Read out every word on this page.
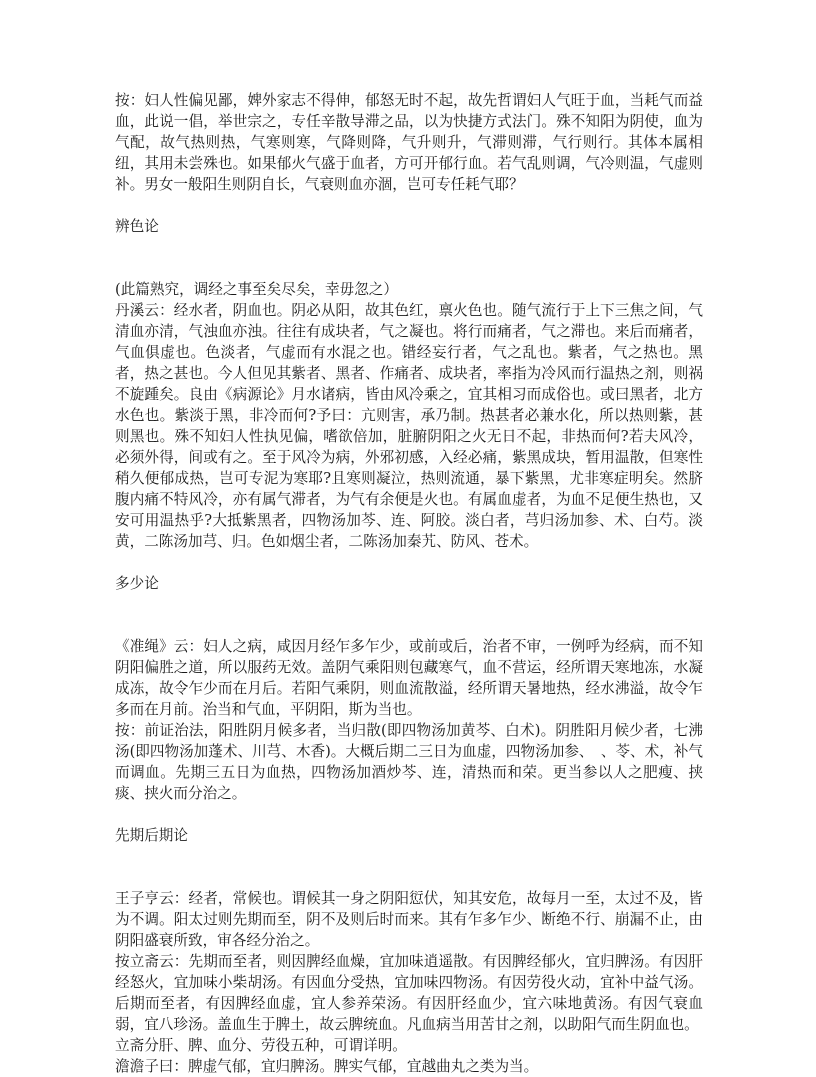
按：妇人性偏见鄙，婢外家志不得伸，郁怒无时不起，故先哲谓妇人气旺于血，当耗气而益血，此说一倡，举世宗之，专任辛散导滞之品，以为快捷方式法门。殊不知阳为阴使，血为气配，故气热则热，气寒则寒，气降则降，气升则升，气滞则滞，气行则行。其体本属相纽，其用未尝殊也。如果郁火气盛于血者，方可开郁行血。若气乱则调，气冷则温，气虚则补。男女一般阳生则阴自长，气衰则血亦涸，岂可专任耗气耶？

辨色论

(此篇熟究，调经之事至矣尽矣，幸毋忽之）

丹溪云：经水者，阴血也。阴必从阳，故其色红，禀火色也。随气流行于上下三焦之间，气清血亦清，气浊血亦浊。往往有成块者，气之凝也。将行而痛者，气之滞也。来后而痛者，气血俱虚也。色淡者，气虚而有水混之也。错经妄行者，气之乱也。紫者，气之热也。黑者，热之甚也。今人但见其紫者、黑者、作痛者、成块者，率指为冷风而行温热之剂，则祸不旋踵矣。良由《病源论》月水诸病，皆由风冷乘之，宜其相习而成俗也。或曰黑者，北方水色也。紫淡于黑，非冷而何?予曰：亢则害，承乃制。热甚者必兼水化，所以热则紫，甚则黑也。殊不知妇人性执见偏，嗜欲倍加，脏腑阴阳之火无日不起，非热而何?若夫风冷，必须外得，间或有之。至于风冷为病，外邪初感，入经必痛，紫黑成块，暂用温散，但寒性稍久便郁成热，岂可专泥为寒耶?且寒则凝泣，热则流通，暴下紫黑，尤非寒症明矣。然脐腹内痛不特风冷，亦有属气滞者，为气有余便是火也。有属血虚者，为血不足便生热也，又安可用温热乎?大抵紫黑者，四物汤加芩、连、阿胶。淡白者，芎归汤加参、术、白芍。淡黄，二陈汤加芎、归。色如烟尘者，二陈汤加秦艽、防风、苍术。

多少论

《准绳》云：妇人之病，咸因月经乍多乍少，或前或后，治者不审，一例呼为经病，而不知阴阳偏胜之道，所以服药无效。盖阴气乘阳则包藏寒气，血不营运，经所谓天寒地冻，水凝成冻，故令乍少而在月后。若阳气乘阴，则血流散溢，经所谓天暑地热，经水沸溢，故令乍多而在月前。治当和气血，平阴阳，斯为当也。

按：前证治法，阳胜阴月候多者，当归散(即四物汤加黄芩、白术)。阴胜阳月候少者，七沸汤(即四物汤加蓬术、川芎、木香)。大概后期二三日为血虚，四物汤加参、　、苓、术，补气而调血。先期三五日为血热，四物汤加酒炒芩、连，清热而和荣。更当参以人之肥瘦、挟痰、挟火而分治之。

先期后期论

王子亨云：经者，常候也。谓候其一身之阴阳愆伏，知其安危，故每月一至，太过不及，皆为不调。阳太过则先期而至，阴不及则后时而来。其有乍多乍少、断绝不行、崩漏不止，由阴阳盛衰所致，审各经分治之。

按立斋云：先期而至者，则因脾经血燥，宜加味逍遥散。有因脾经郁火，宜归脾汤。有因肝经怒火，宜加味小柴胡汤。有因血分受热，宜加味四物汤。有因劳役火动，宜补中益气汤。后期而至者，有因脾经血虚，宜人参养荣汤。有因肝经血少，宜六味地黄汤。有因气衰血弱，宜八珍汤。盖血生于脾土，故云脾统血。凡血病当用苦甘之剂，以助阳气而生阴血也。

立斋分肝、脾、血分、劳役五种，可谓详明。

澹澹子曰：脾虚气郁，宜归脾汤。脾实气郁，宜越曲丸之类为当。
